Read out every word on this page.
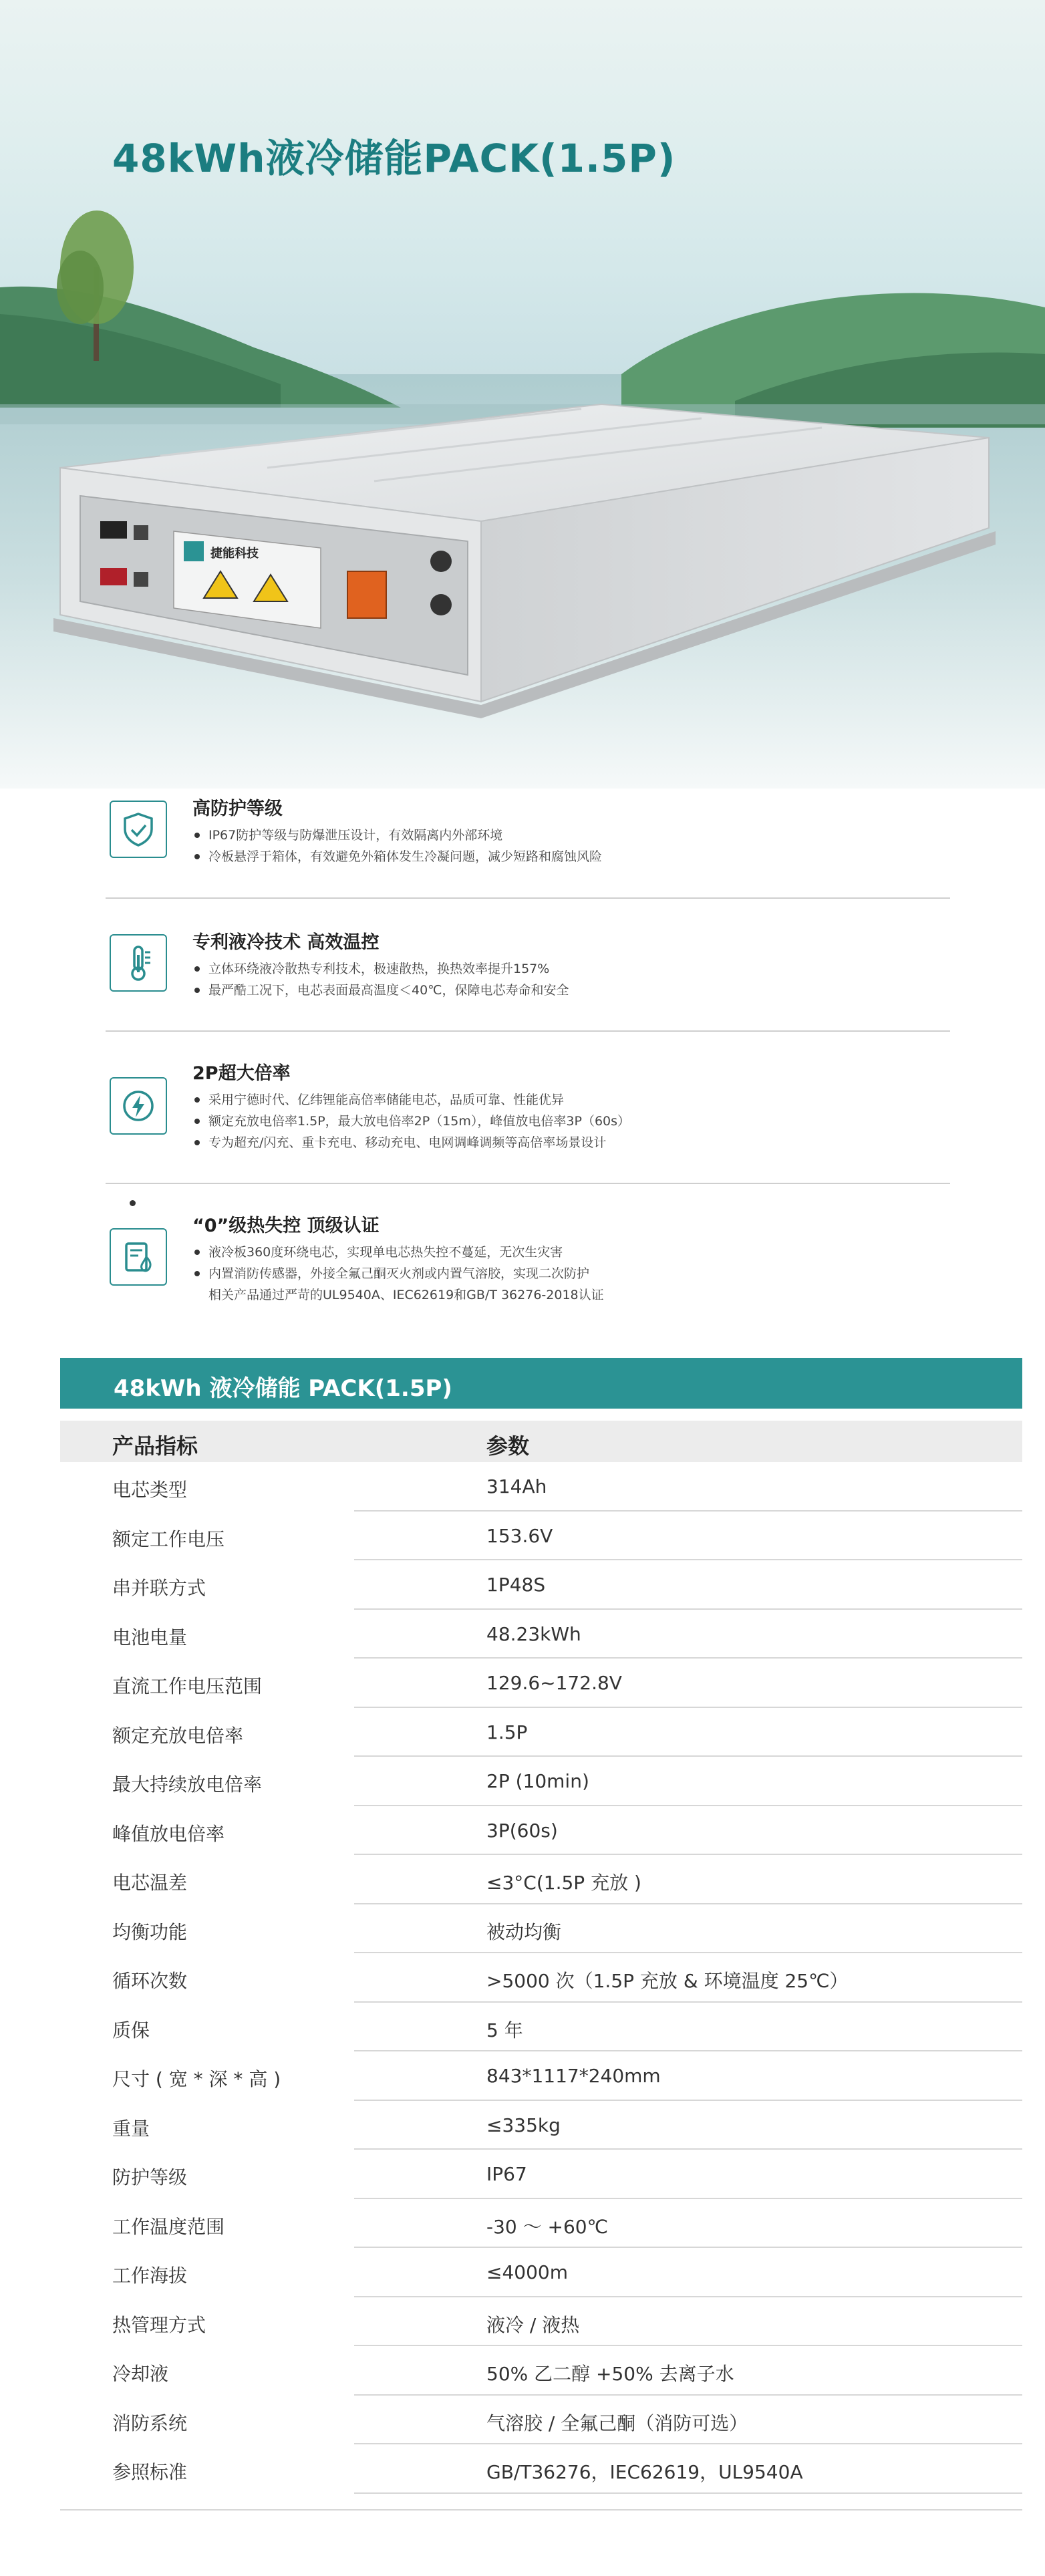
捷能科技
48kWh液冷储能PACK(1.5P)
高防护等级
IP67防护等级与防爆泄压设计，有效隔离内外部环境
冷板悬浮于箱体，有效避免外箱体发生冷凝问题，减少短路和腐蚀风险
专利液冷技术 高效温控
立体环绕液冷散热专利技术，极速散热，换热效率提升157%
最严酷工况下，电芯表面最高温度＜40℃，保障电芯寿命和安全
2P超大倍率
采用宁德时代、亿纬锂能高倍率储能电芯，品质可靠、性能优异
额定充放电倍率1.5P，最大放电倍率2P（15m），峰值放电倍率3P（60s）
专为超充/闪充、重卡充电、移动充电、电网调峰调频等高倍率场景设计
“0”级热失控 顶级认证
液冷板360度环绕电芯，实现单电芯热失控不蔓延，无次生灾害
内置消防传感器，外接全氟己酮灭火剂或内置气溶胶，实现二次防护
相关产品通过严苛的UL9540A、IEC62619和GB/T 36276-2018认证
48kWh 液冷储能 PACK(1.5P)
产品指标	参数
电芯类型	314Ah
额定工作电压	153.6V
串并联方式	1P48S
电池电量	48.23kWh
直流工作电压范围	129.6~172.8V
额定充放电倍率	1.5P
最大持续放电倍率	2P (10min)
峰值放电倍率	3P(60s)
电芯温差	≤3°C(1.5P 充放 )
均衡功能	被动均衡
循环次数	>5000 次（1.5P 充放 & 环境温度 25℃）
质保	5 年
尺寸 ( 宽 * 深 * 高 )	843*1117*240mm
重量	≤335kg
防护等级	IP67
工作温度范围	-30 ～ +60℃
工作海拔	≤4000m
热管理方式	液冷 / 液热
冷却液	50% 乙二醇 +50% 去离子水
消防系统	气溶胶 / 全氟己酮（消防可选）
参照标准	GB/T36276，IEC62619，UL9540A
